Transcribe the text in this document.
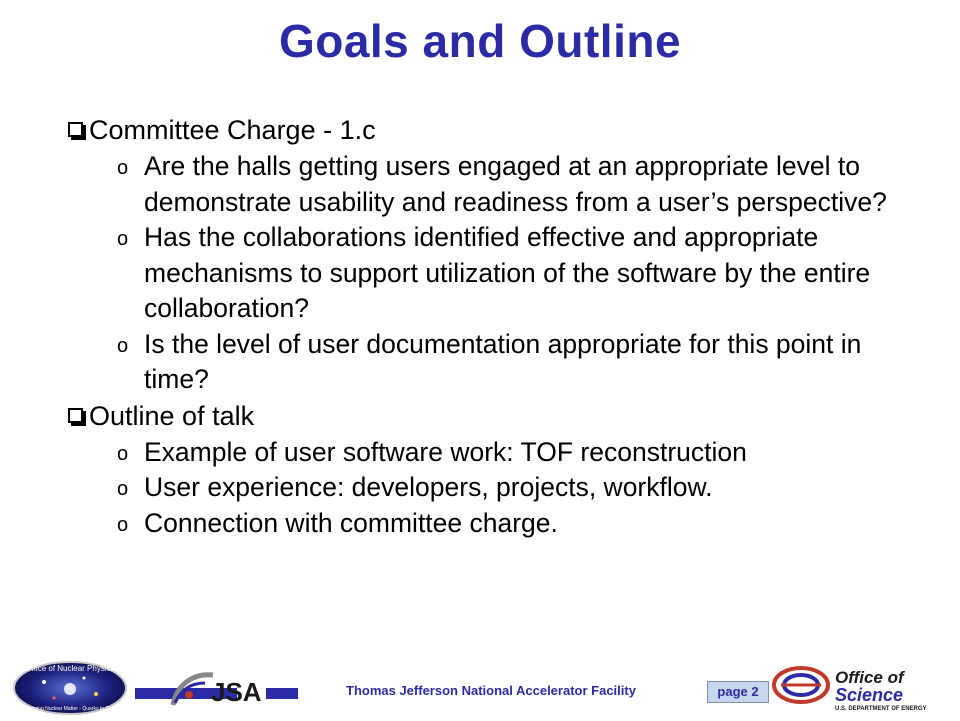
Goals and Outline
Committee Charge - 1.c
o Are the halls getting users engaged at an appropriate level to demonstrate usability and readiness from a user’s perspective?
o Has the collaborations identified effective and appropriate mechanisms to support utilization of the software by the entire collaboration?
o Is the level of user documentation appropriate for this point in time?
Outline of talk
o Example of user software work: TOF reconstruction
o User experience: developers, projects, workflow.
o Connection with committee charge.
Office of Nuclear Physics
Exploring Nuclear Matter - Quarks to Stars
JSA	Thomas Jefferson National Accelerator Facility	page 2
Office of
Science
U.S. DEPARTMENT OF ENERGY
